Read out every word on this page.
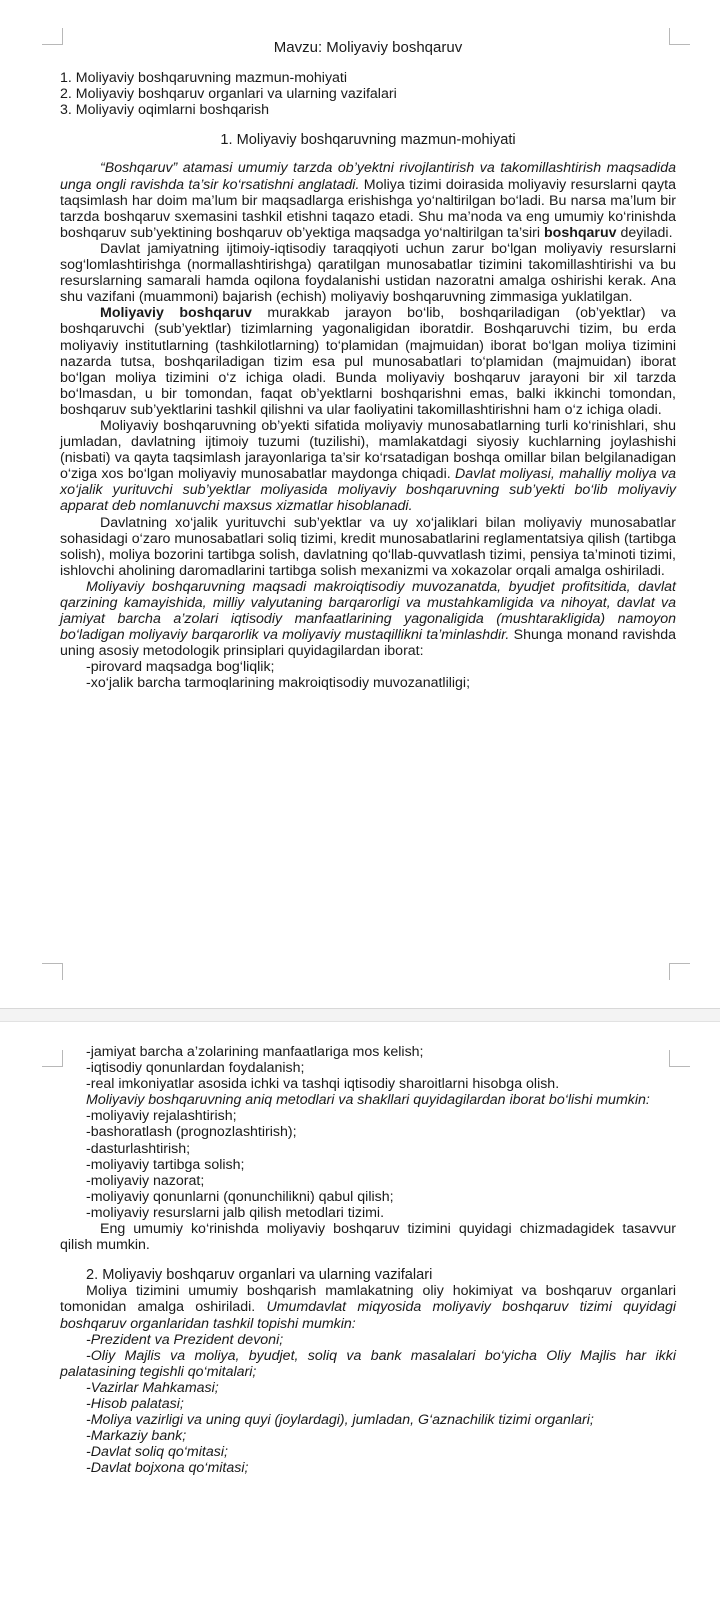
Mavzu: Moliyaviy boshqaruv

1. Moliyaviy boshqaruvning mazmun-mohiyati

2. Moliyaviy boshqaruv organlari va ularning vazifalari

3. Moliyaviy oqimlarni boshqarish

1. Moliyaviy boshqaruvning mazmun-mohiyati

“Boshqaruv” atamasi umumiy tarzda ob’yektni rivojlantirish va takomillashtirish maqsadida unga ongli ravishda ta’sir ko‘rsatishni anglatadi. Moliya tizimi doirasida moliyaviy resurslarni qayta taqsimlash har doim ma’lum bir maqsadlarga erishishga yo‘naltirilgan bo‘ladi. Bu narsa ma’lum bir tarzda boshqaruv sxemasini tashkil etishni taqazo etadi. Shu ma’noda va eng umumiy ko‘rinishda boshqaruv sub’yektining boshqaruv ob’yektiga maqsadga yo‘naltirilgan ta’siri boshqaruv deyiladi.

Davlat jamiyatning ijtimoiy-iqtisodiy taraqqiyoti uchun zarur bo‘lgan moliyaviy resurslarni sog‘lomlashtirishga (normallashtirishga) qaratilgan munosabatlar tizimini takomillashtirishi va bu resurslarning samarali hamda oqilona foydalanishi ustidan nazoratni amalga oshirishi kerak. Ana shu vazifani (muammoni) bajarish (echish) moliyaviy boshqaruvning zimmasiga yuklatilgan.

Moliyaviy boshqaruv murakkab jarayon bo‘lib, boshqariladigan (ob’yektlar) va boshqaruvchi (sub’yektlar) tizimlarning yagonaligidan iboratdir. Boshqaruvchi tizim, bu erda moliyaviy institutlarning (tashkilotlarning) to‘plamidan (majmuidan) iborat bo‘lgan moliya tizimini nazarda tutsa, boshqariladigan tizim esa pul munosabatlari to‘plamidan (majmuidan) iborat bo‘lgan moliya tizimini o‘z ichiga oladi. Bunda moliyaviy boshqaruv jarayoni bir xil tarzda bo‘lmasdan, u bir tomondan, faqat ob’yektlarni boshqarishni emas, balki ikkinchi tomondan, boshqaruv sub’yektlarini tashkil qilishni va ular faoliyatini takomillashtirishni ham o‘z ichiga oladi.

Moliyaviy boshqaruvning ob’yekti sifatida moliyaviy munosabatlarning turli ko‘rinishlari, shu jumladan, davlatning ijtimoiy tuzumi (tuzilishi), mamlakatdagi siyosiy kuchlarning joylashishi (nisbati) va qayta taqsimlash jarayonlariga ta’sir ko‘rsatadigan boshqa omillar bilan belgilanadigan o‘ziga xos bo‘lgan moliyaviy munosabatlar maydonga chiqadi. Davlat moliyasi, mahalliy moliya va xo‘jalik yurituvchi sub’yektlar moliyasida moliyaviy boshqaruvning sub’yekti bo‘lib moliyaviy apparat deb nomlanuvchi maxsus xizmatlar hisoblanadi.

Davlatning xo‘jalik yurituvchi sub’yektlar va uy xo‘jaliklari bilan moliyaviy munosabatlar sohasidagi o‘zaro munosabatlari soliq tizimi, kredit munosabatlarini reglamentatsiya qilish (tartibga solish), moliya bozorini tartibga solish, davlatning qo‘llab-quvvatlash tizimi, pensiya ta’minoti tizimi, ishlovchi aholining daromadlarini tartibga solish mexanizmi va xokazolar orqali amalga oshiriladi.

Moliyaviy boshqaruvning maqsadi makroiqtisodiy muvozanatda, byudjet profitsitida, davlat qarzining kamayishida, milliy valyutaning barqarorligi va mustahkamligida va nihoyat, davlat va jamiyat barcha a’zolari iqtisodiy manfaatlarining yagonaligida (mushtarakligida) namoyon bo‘ladigan moliyaviy barqarorlik va moliyaviy mustaqillikni ta’minlashdir. Shunga monand ravishda uning asosiy metodologik prinsiplari quyidagilardan iborat:

-pirovard maqsadga bog‘liqlik;

-xo‘jalik barcha tarmoqlarining makroiqtisodiy muvozanatliligi;

-jamiyat barcha a’zolarining manfaatlariga mos kelish;

-iqtisodiy qonunlardan foydalanish;

-real imkoniyatlar asosida ichki va tashqi iqtisodiy sharoitlarni hisobga olish.

Moliyaviy boshqaruvning aniq metodlari va shakllari quyidagilardan iborat bo‘lishi mumkin:

-moliyaviy rejalashtirish;

-bashoratlash (prognozlashtirish);

-dasturlashtirish;

-moliyaviy tartibga solish;

-moliyaviy nazorat;

-moliyaviy qonunlarni (qonunchilikni) qabul qilish;

-moliyaviy resurslarni jalb qilish metodlari tizimi.

Eng umumiy ko‘rinishda moliyaviy boshqaruv tizimini quyidagi chizmadagidek tasavvur qilish mumkin.

2. Moliyaviy boshqaruv organlari va ularning vazifalari

Moliya tizimini umumiy boshqarish mamlakatning oliy hokimiyat va boshqaruv organlari tomonidan amalga oshiriladi. Umumdavlat miqyosida moliyaviy boshqaruv tizimi quyidagi boshqaruv organlaridan tashkil topishi mumkin:

-Prezident va Prezident devoni;

-Oliy Majlis va moliya, byudjet, soliq va bank masalalari bo‘yicha Oliy Majlis har ikki palatasining tegishli qo‘mitalari;

-Vazirlar Mahkamasi;

-Hisob palatasi;

-Moliya vazirligi va uning quyi (joylardagi), jumladan, G‘aznachilik tizimi organlari;

-Markaziy bank;

-Davlat soliq qo‘mitasi;

-Davlat bojxona qo‘mitasi;
